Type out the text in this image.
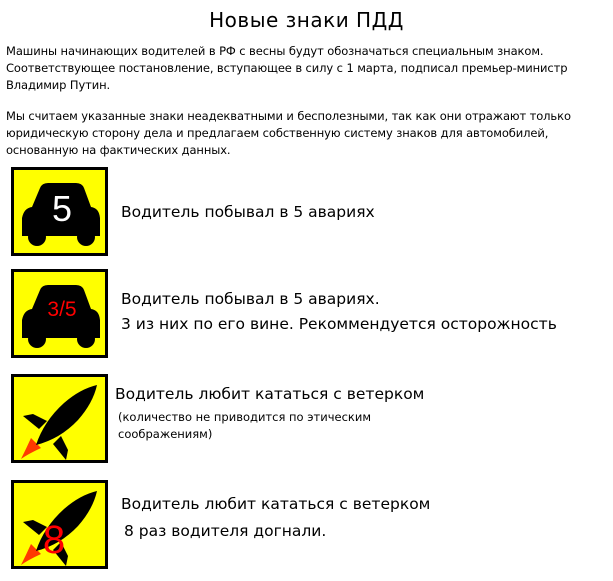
Новые знаки ПДД
Машины начинающих водителей в РФ с весны будут обозначаться специальным знаком.
Соответствующее постановление, вступающее в силу с 1 марта, подписал премьер-министр
Владимир Путин.
Мы считаем указанные знаки неадекватными и бесполезными, так как они отражают только
юридическую сторону дела и предлагаем собственную систему знаков для автомобилей,
основанную на фактических данных.
5	Водитель побывал в 5 авариях
3/5	Водитель побывал в 5 авариях.
3 из них по его вине. Рекоммендуется осторожность
Водитель любит кататься с ветерком
(количество не приводится по этическим
соображениям)
8
Водитель любит кататься с ветерком
8 раз водителя догнали.
